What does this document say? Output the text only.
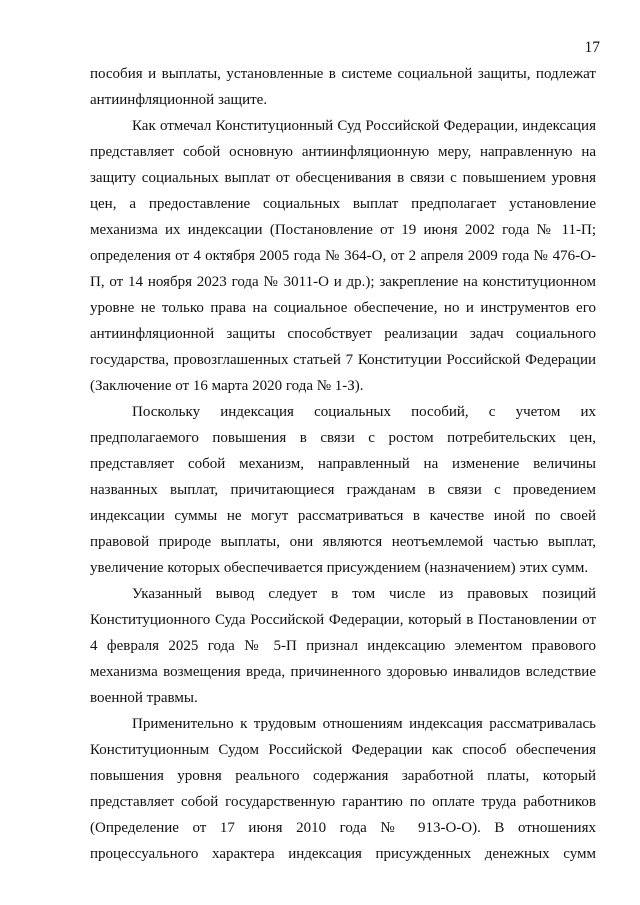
17

пособия и выплаты, установленные в системе социальной защиты, подлежат антиинфляционной защите.

Как отмечал Конституционный Суд Российской Федерации, индексация представляет собой основную антиинфляционную меру, направленную на защиту социальных выплат от обесценивания в связи с повышением уровня цен, а предоставление социальных выплат предполагает установление механизма их индексации (Постановление от 19 июня 2002 года № 11-П; определения от 4 октября 2005 года № 364-О, от 2 апреля 2009 года № 476-О-П, от 14 ноября 2023 года № 3011-О и др.); закрепление на конституционном уровне не только права на социальное обеспечение, но и инструментов его антиинфляционной защиты способствует реализации задач социального государства, провозглашенных статьей 7 Конституции Российской Федерации (Заключение от 16 марта 2020 года № 1-З).

Поскольку индексация социальных пособий, с учетом их предполагаемого повышения в связи с ростом потребительских цен, представляет собой механизм, направленный на изменение величины названных выплат, причитающиеся гражданам в связи с проведением индексации суммы не могут рассматриваться в качестве иной по своей правовой природе выплаты, они являются неотъемлемой частью выплат, увеличение которых обеспечивается присуждением (назначением) этих сумм.

Указанный вывод следует в том числе из правовых позиций Конституционного Суда Российской Федерации, который в Постановлении от 4 февраля 2025 года № 5-П признал индексацию элементом правового механизма возмещения вреда, причиненного здоровью инвалидов вследствие военной травмы.

Применительно к трудовым отношениям индексация рассматривалась Конституционным Судом Российской Федерации как способ обеспечения повышения уровня реального содержания заработной платы, который представляет собой государственную гарантию по оплате труда работников (Определение от 17 июня 2010 года № 913-О-О). В отношениях процессуального характера индексация присужденных денежных сумм
